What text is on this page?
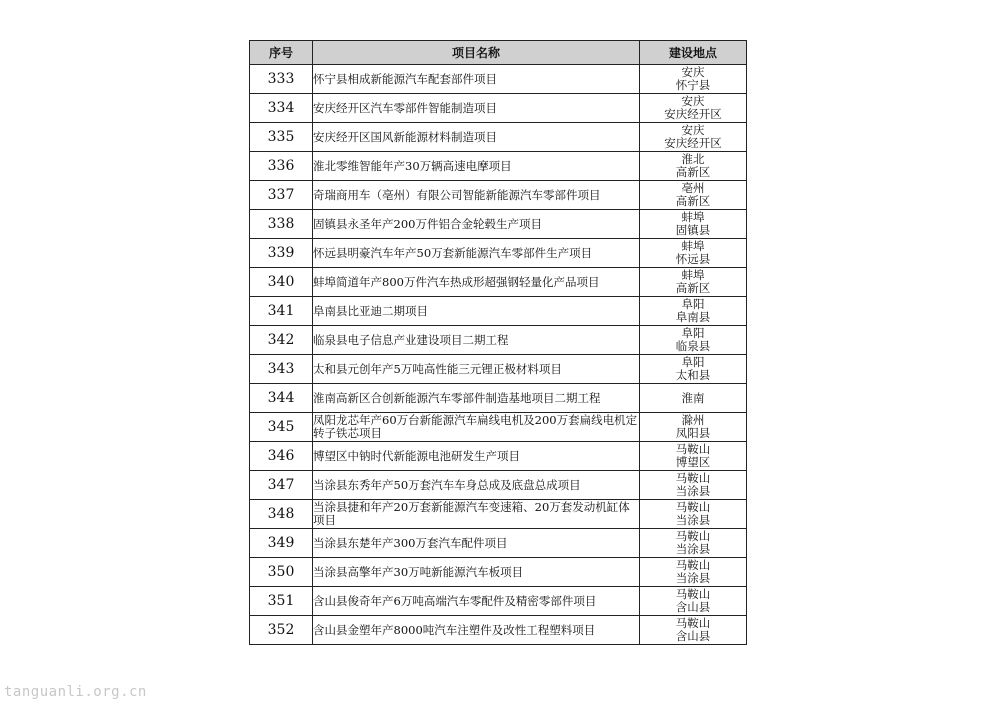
序号	项目名称	建设地点
333	怀宁县相成新能源汽车配套部件项目	安庆
怀宁县

334	安庆经开区汽车零部件智能制造项目	安庆
安庆经开区

335	安庆经开区国风新能源材料制造项目	安庆
安庆经开区

336	淮北零维智能年产30万辆高速电摩项目	淮北
高新区

337	奇瑞商用车（亳州）有限公司智能新能源汽车零部件项目	亳州
高新区

338	固镇县永圣年产200万件铝合金轮毂生产项目	蚌埠
固镇县

339	怀远县明豪汽车年产50万套新能源汽车零部件生产项目	蚌埠
怀远县

340	蚌埠简道年产800万件汽车热成形超强钢轻量化产品项目	蚌埠
高新区

341	阜南县比亚迪二期项目	阜阳
阜南县

342	临泉县电子信息产业建设项目二期工程	阜阳
临泉县

343	太和县元创年产5万吨高性能三元锂正极材料项目	阜阳
太和县

344	淮南高新区合创新能源汽车零部件制造基地项目二期工程	淮南

345	凤阳龙芯年产60万台新能源汽车扁线电机及200万套扁线电机定转子铁芯项目	滁州
凤阳县

346	博望区中钠时代新能源电池研发生产项目	马鞍山
博望区

347	当涂县东秀年产50万套汽车车身总成及底盘总成项目	马鞍山
当涂县

348	当涂县捷和年产20万套新能源汽车变速箱、20万套发动机缸体项目	马鞍山
当涂县

349	当涂县东楚年产300万套汽车配件项目	马鞍山
当涂县

350	当涂县高擎年产30万吨新能源汽车板项目	马鞍山
当涂县

351	含山县俊奇年产6万吨高端汽车零配件及精密零部件项目	马鞍山
含山县

352	含山县金塑年产8000吨汽车注塑件及改性工程塑料项目	马鞍山
含山县
tanguanli.org.cn
